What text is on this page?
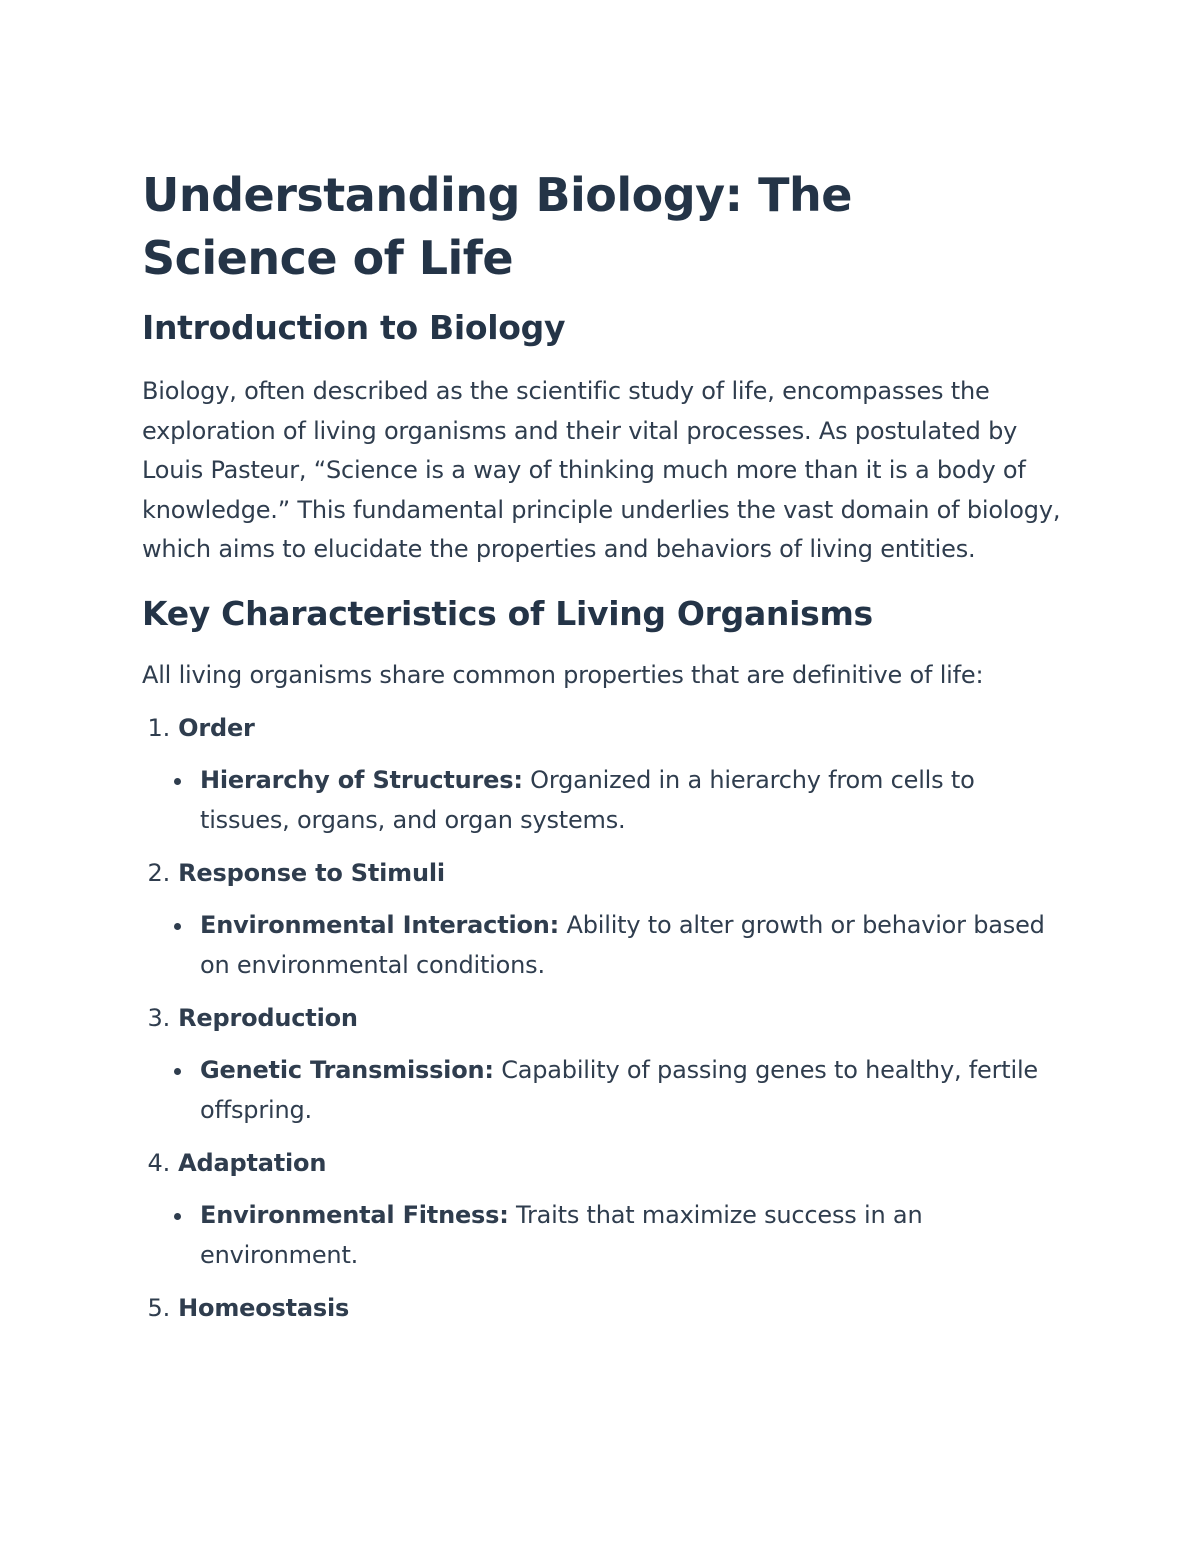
Understanding Biology: The Science of Life
Introduction to Biology

Biology, often described as the scientific study of life, encompasses the exploration of living organisms and their vital processes. As postulated by Louis Pasteur, “Science is a way of thinking much more than it is a body of knowledge.” This fundamental principle underlies the vast domain of biology, which aims to elucidate the properties and behaviors of living entities.

Key Characteristics of Living Organisms

All living organisms share common properties that are definitive of life:

1. Order
Hierarchy of Structures: Organized in a hierarchy from cells to tissues, organs, and organ systems.
2. Response to Stimuli
Environmental Interaction: Ability to alter growth or behavior based on environmental conditions.
3. Reproduction
Genetic Transmission: Capability of passing genes to healthy, fertile offspring.
4. Adaptation
Environmental Fitness: Traits that maximize success in an environment.
5. Homeostasis
